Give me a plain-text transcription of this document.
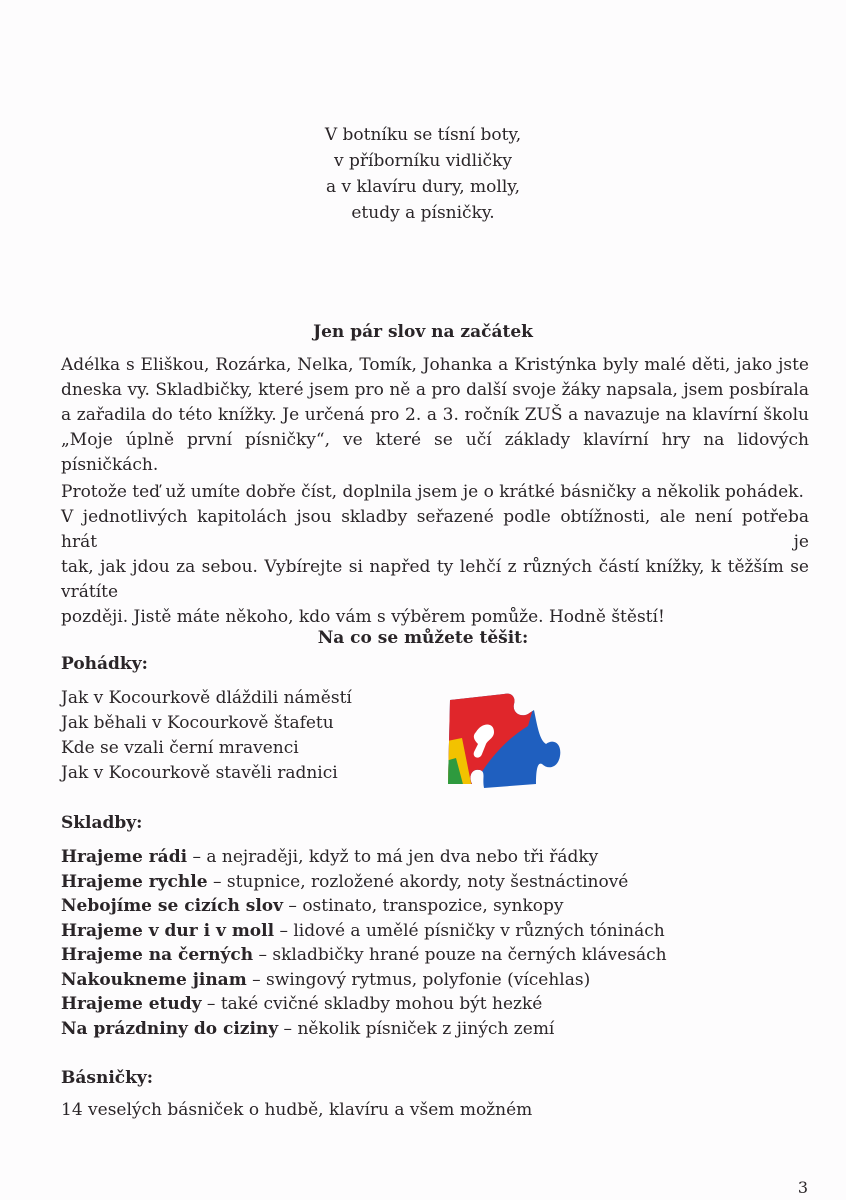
V botníku se tísní boty,
v příborníku vidličky
a v klavíru dury, molly,
etudy a písničky.
Jen pár slov na začátek
Adélka s Eliškou, Rozárka, Nelka, Tomík, Johanka a Kristýnka byly malé děti, jako jste
dneska vy. Skladbičky, které jsem pro ně a pro další svoje žáky napsala, jsem posbírala
a zařadila do této knížky. Je určená pro 2. a 3. ročník ZUŠ a navazuje na klavírní školu
„Moje úplně první písničky“, ve které se učí základy klavírní hry na lidových písničkách.
Protože teď už umíte dobře číst, doplnila jsem je o krátké básničky a několik pohádek.
V jednotlivých kapitolách jsou skladby seřazené podle obtížnosti, ale není potřeba hrát je
tak, jak jdou za sebou. Vybírejte si napřed ty lehčí z různých částí knížky, k těžším se vrátíte
později. Jistě máte někoho, kdo vám s výběrem pomůže. Hodně štěstí!
Na co se můžete těšit:
Pohádky:
Jak v Kocourkově dláždili náměstí
Jak běhali v Kocourkově štafetu
Kde se vzali černí mravenci
Jak v Kocourkově stavěli radnici
Skladby:
Hrajeme rádi – a nejraději, když to má jen dva nebo tři řádky
Hrajeme rychle – stupnice, rozložené akordy, noty šestnáctinové
Nebojíme se cizích slov – ostinato, transpozice, synkopy
Hrajeme v dur i v moll – lidové a umělé písničky v různých tóninách
Hrajeme na černých – skladbičky hrané pouze na černých klávesách
Nakoukneme jinam – swingový rytmus, polyfonie (vícehlas)
Hrajeme etudy – také cvičné skladby mohou být hezké
Na prázdniny do ciziny – několik písniček z jiných zemí
Básničky:
14 veselých básniček o hudbě, klavíru a všem možném
3
